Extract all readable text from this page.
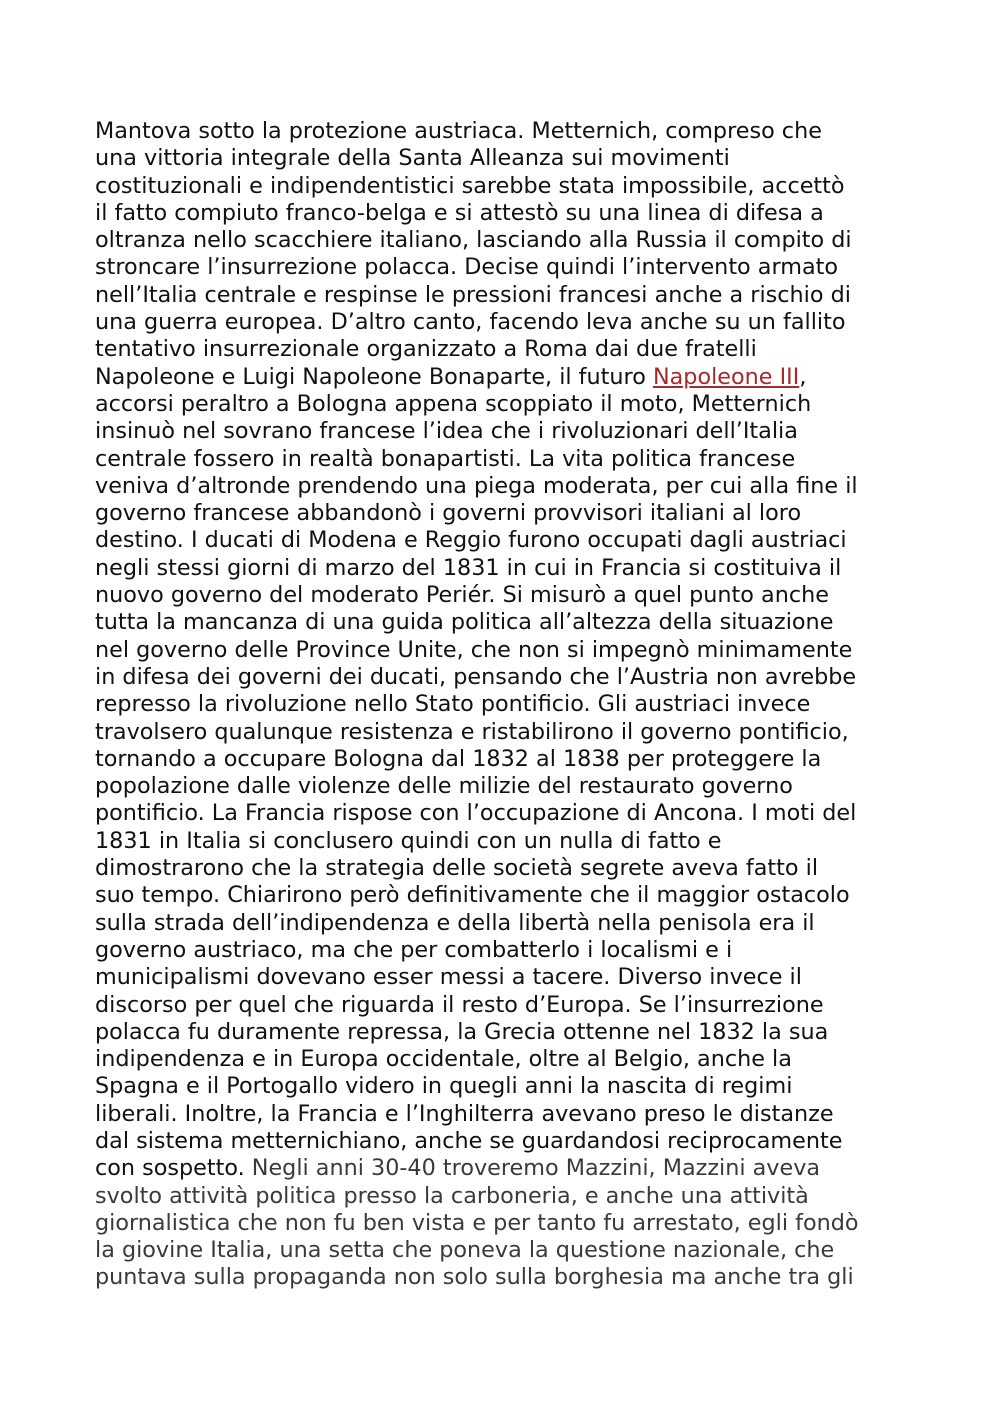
Mantova sotto la protezione austriaca. Metternich, compreso che
una vittoria integrale della Santa Alleanza sui movimenti
costituzionali e indipendentistici sarebbe stata impossibile, accettò
il fatto compiuto franco-belga e si attestò su una linea di difesa a
oltranza nello scacchiere italiano, lasciando alla Russia il compito di
stroncare l’insurrezione polacca. Decise quindi l’intervento armato
nell’Italia centrale e respinse le pressioni francesi anche a rischio di
una guerra europea. D’altro canto, facendo leva anche su un fallito
tentativo insurrezionale organizzato a Roma dai due fratelli
Napoleone e Luigi Napoleone Bonaparte, il futuro Napoleone III,
accorsi peraltro a Bologna appena scoppiato il moto, Metternich
insinuò nel sovrano francese l’idea che i rivoluzionari dell’Italia
centrale fossero in realtà bonapartisti. La vita politica francese
veniva d’altronde prendendo una piega moderata, per cui alla fine il
governo francese abbandonò i governi provvisori italiani al loro
destino. I ducati di Modena e Reggio furono occupati dagli austriaci
negli stessi giorni di marzo del 1831 in cui in Francia si costituiva il
nuovo governo del moderato Periér. Si misurò a quel punto anche
tutta la mancanza di una guida politica all’altezza della situazione
nel governo delle Province Unite, che non si impegnò minimamente
in difesa dei governi dei ducati, pensando che l’Austria non avrebbe
represso la rivoluzione nello Stato pontificio. Gli austriaci invece
travolsero qualunque resistenza e ristabilirono il governo pontificio,
tornando a occupare Bologna dal 1832 al 1838 per proteggere la
popolazione dalle violenze delle milizie del restaurato governo
pontificio. La Francia rispose con l’occupazione di Ancona. I moti del
1831 in Italia si conclusero quindi con un nulla di fatto e
dimostrarono che la strategia delle società segrete aveva fatto il
suo tempo. Chiarirono però definitivamente che il maggior ostacolo
sulla strada dell’indipendenza e della libertà nella penisola era il
governo austriaco, ma che per combatterlo i localismi e i
municipalismi dovevano esser messi a tacere. Diverso invece il
discorso per quel che riguarda il resto d’Europa. Se l’insurrezione
polacca fu duramente repressa, la Grecia ottenne nel 1832 la sua
indipendenza e in Europa occidentale, oltre al Belgio, anche la
Spagna e il Portogallo videro in quegli anni la nascita di regimi
liberali. Inoltre, la Francia e l’Inghilterra avevano preso le distanze
dal sistema metternichiano, anche se guardandosi reciprocamente
con sospetto. Negli anni 30-40 troveremo Mazzini, Mazzini aveva
svolto attività politica presso la carboneria, e anche una attività
giornalistica che non fu ben vista e per tanto fu arrestato, egli fondò
la giovine Italia, una setta che poneva la questione nazionale, che
puntava sulla propaganda non solo sulla borghesia ma anche tra gli
